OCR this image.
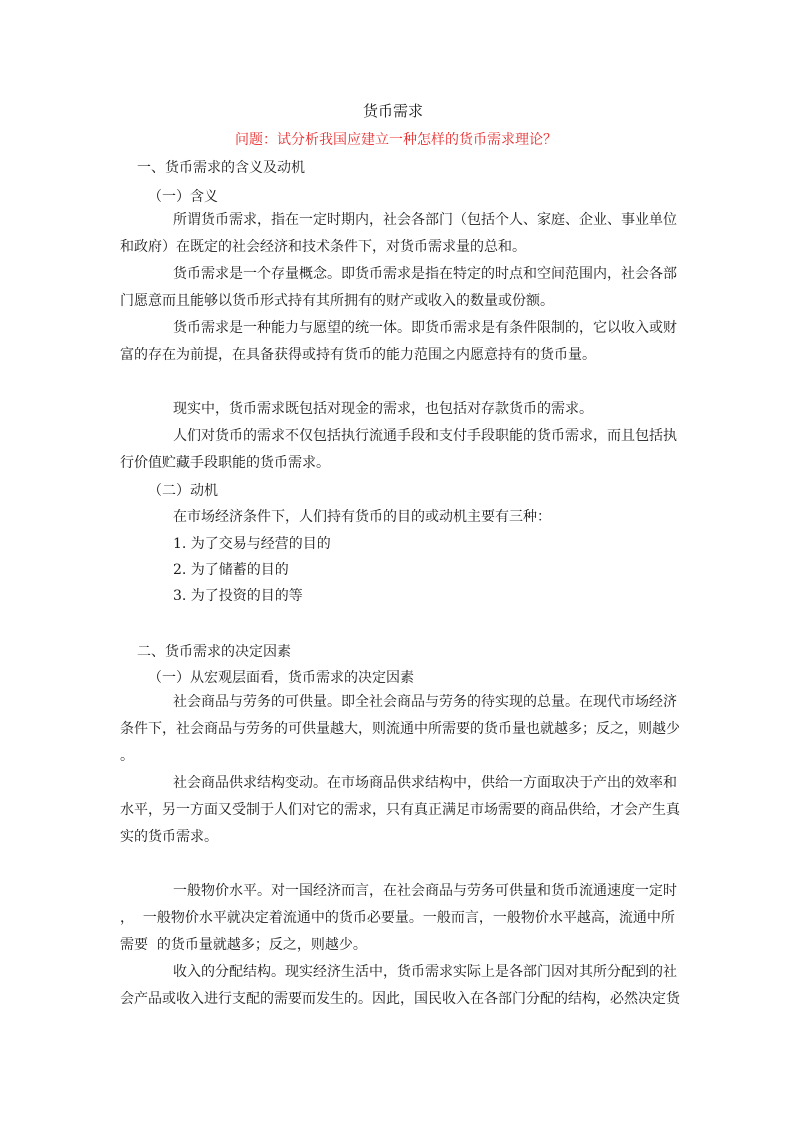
货币需求
问题：试分析我国应建立一种怎样的货币需求理论？
一、货币需求的含义及动机
（一）含义
所谓货币需求，指在一定时期内，社会各部门（包括个人、家庭、企业、事业单位
和政府）在既定的社会经济和技术条件下，对货币需求量的总和。
货币需求是一个存量概念。即货币需求是指在特定的时点和空间范围内，社会各部
门愿意而且能够以货币形式持有其所拥有的财产或收入的数量或份额。
货币需求是一种能力与愿望的统一体。即货币需求是有条件限制的，它以收入或财
富的存在为前提，在具备获得或持有货币的能力范围之内愿意持有的货币量。
现实中，货币需求既包括对现金的需求，也包括对存款货币的需求。
人们对货币的需求不仅包括执行流通手段和支付手段职能的货币需求，而且包括执
行价值贮藏手段职能的货币需求。
（二）动机
在市场经济条件下，人们持有货币的目的或动机主要有三种：
1. 为了交易与经营的目的
2. 为了储蓄的目的
3. 为了投资的目的等
二、货币需求的决定因素
（一）从宏观层面看，货币需求的决定因素
社会商品与劳务的可供量。即全社会商品与劳务的待实现的总量。在现代市场经济
条件下，社会商品与劳务的可供量越大，则流通中所需要的货币量也就越多；反之，则越少
。
社会商品供求结构变动。在市场商品供求结构中，供给一方面取决于产出的效率和
水平，另一方面又受制于人们对它的需求，只有真正满足市场需要的商品供给，才会产生真
实的货币需求。
一般物价水平。对一国经济而言，在社会商品与劳务可供量和货币流通速度一定时
，  一般物价水平就决定着流通中的货币必要量。一般而言，一般物价水平越高，流通中所
需要  的货币量就越多；反之，则越少。
收入的分配结构。现实经济生活中，货币需求实际上是各部门因对其所分配到的社
会产品或收入进行支配的需要而发生的。因此，国民收入在各部门分配的结构，必然决定货
